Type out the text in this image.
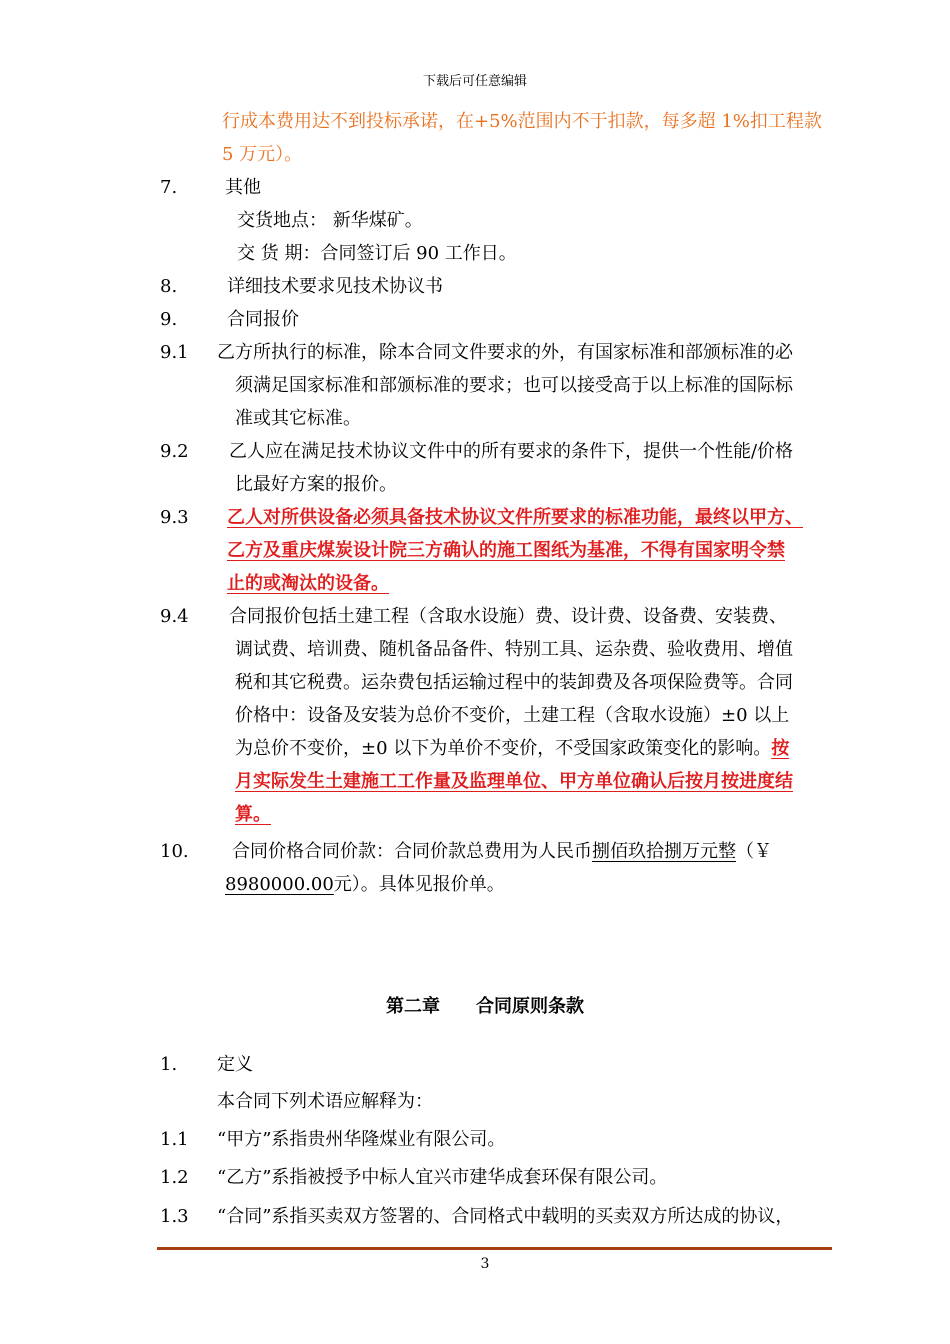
下载后可任意编辑
行成本费用达不到投标承诺，在+5%范围内不于扣款，每多超 1%扣工程款
5 万元）。
7.	其他
交货地点： 新华煤矿。
交 货 期：合同签订后 90 工作日。
8.	详细技术要求见技术协议书
9.	合同报价
9.1 乙方所执行的标准，除本合同文件要求的外，有国家标准和部颁标准的必
须满足国家标准和部颁标准的要求；也可以接受高于以上标准的国际标
准或其它标准。
9.2 乙人应在满足技术协议文件中的所有要求的条件下，提供一个性能/价格
比最好方案的报价。
9.3 乙人对所供设备必须具备技术协议文件所要求的标准功能，最终以甲方、
乙方及重庆煤炭设计院三方确认的施工图纸为基准，不得有国家明令禁
止的或淘汰的设备。
9.4 合同报价包括土建工程（含取水设施）费、设计费、设备费、安装费、
调试费、培训费、随机备品备件、特别工具、运杂费、验收费用、增值
税和其它税费。运杂费包括运输过程中的装卸费及各项保险费等。合同
价格中：设备及安装为总价不变价，土建工程（含取水设施）±0 以上
为总价不变价，±0 以下为单价不变价，不受国家政策变化的影响。按
月实际发生土建施工工作量及监理单位、甲方单位确认后按月按进度结
算。
10. 合同价格合同价款：合同价款总费用为人民币捌佰玖拾捌万元整（￥
8980000.00元）。具体见报价单。
第二章 合同原则条款
1. 定义
本合同下列术语应解释为：
1.1 “甲方”系指贵州华隆煤业有限公司。
1.2 “乙方”系指被授予中标人宜兴市建华成套环保有限公司。
1.3 “合同”系指买卖双方签署的、合同格式中载明的买卖双方所达成的协议，
3
